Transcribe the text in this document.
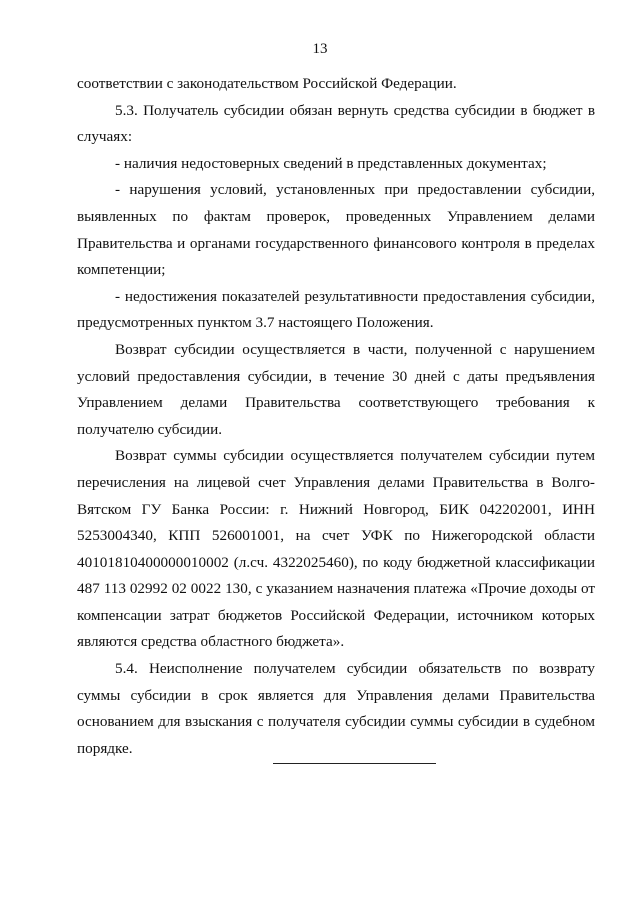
13

соответствии с законодательством Российской Федерации.

5.3. Получатель субсидии обязан вернуть средства субсидии в бюджет в случаях:

- наличия недостоверных сведений в представленных документах;

- нарушения условий, установленных при предоставлении субсидии, выявленных по фактам проверок, проведенных Управлением делами Правительства и органами государственного финансового контроля в пределах компетенции;

- недостижения показателей результативности предоставления субсидии, предусмотренных пунктом 3.7 настоящего Положения.

Возврат субсидии осуществляется в части, полученной с нарушением условий предоставления субсидии, в течение 30 дней с даты предъявления Управлением делами Правительства соответствующего требования к получателю субсидии.

Возврат суммы субсидии осуществляется получателем субсидии путем перечисления на лицевой счет Управления делами Правительства в Волго-Вятском ГУ Банка России: г. Нижний Новгород, БИК 042202001, ИНН 5253004340, КПП 526001001, на счет УФК по Нижегородской области 40101810400000010002 (л.сч. 4322025460), по коду бюджетной классификации 487 113 02992 02 0022 130, с указанием назначения платежа «Прочие доходы от компенсации затрат бюджетов Российской Федерации, источником которых являются средства областного бюджета».

5.4. Неисполнение получателем субсидии обязательств по возврату суммы субсидии в срок является для Управления делами Правительства основанием для взыскания с получателя субсидии суммы субсидии в судебном порядке.
